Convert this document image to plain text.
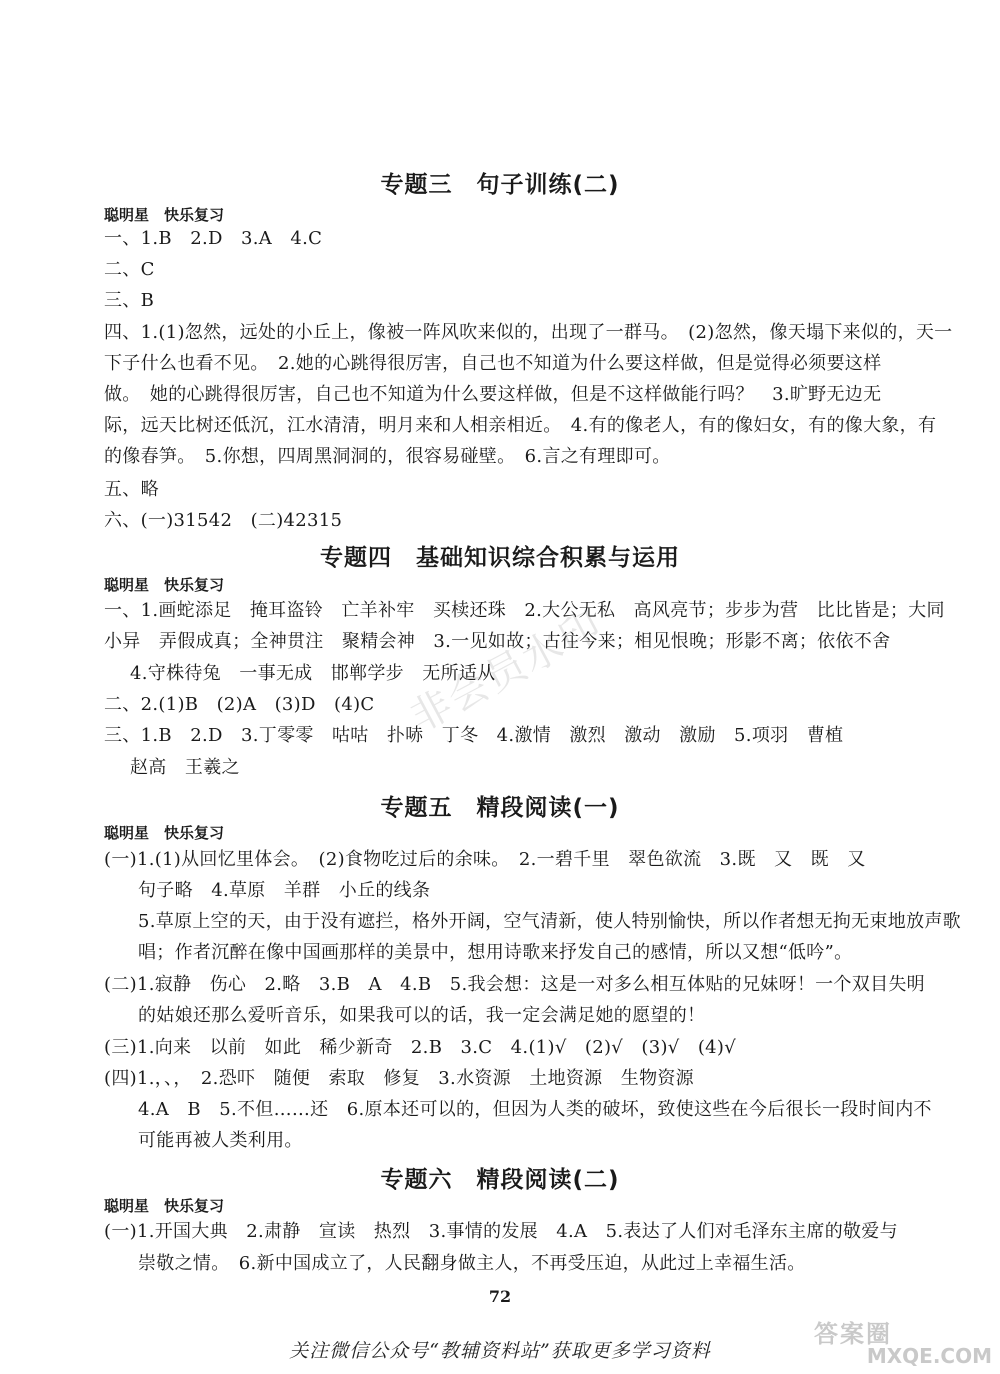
专题三　句子训练(二)
聪明星　快乐复习
一、1.B　2.D　3.A　4.C
二、C
三、B
四、1.(1)忽然，远处的小丘上，像被一阵风吹来似的，出现了一群马。　(2)忽然，像天塌下来似的，天一
下子什么也看不见。　2.她的心跳得很厉害，自己也不知道为什么要这样做，但是觉得必须要这样
做。　她的心跳得很厉害，自己也不知道为什么要这样做，但是不这样做能行吗？　3.旷野无边无
际，远天比树还低沉，江水清清，明月来和人相亲相近。　4.有的像老人，有的像妇女，有的像大象，有
的像春笋。　5.你想，四周黑洞洞的，很容易碰壁。　6.言之有理即可。
五、略
六、(一)31542　(二)42315
专题四　基础知识综合积累与运用
聪明星　快乐复习
一、1.画蛇添足　掩耳盗铃　亡羊补牢　买椟还珠　2.大公无私　高风亮节；步步为营　比比皆是；大同
小异　弄假成真；全神贯注　聚精会神　3.一见如故；古往今来；相见恨晚；形影不离；依依不舍
4.守株待兔　一事无成　邯郸学步　无所适从
二、2.(1)B　(2)A　(3)D　(4)C
三、1.B　2.D　3.丁零零　咕咕　扑哧　丁冬　4.激情　激烈　激动　激励　5.项羽　曹植
赵高　王羲之
专题五　精段阅读(一)
聪明星　快乐复习
(一)1.(1)从回忆里体会。　(2)食物吃过后的余味。　2.一碧千里　翠色欲流　3.既　又　既　又
句子略　4.草原　羊群　小丘的线条
5.草原上空的天，由于没有遮拦，格外开阔，空气清新，使人特别愉快，所以作者想无拘无束地放声歌
唱；作者沉醉在像中国画那样的美景中，想用诗歌来抒发自己的感情，所以又想“低吟”。
(二)1.寂静　伤心　2.略　3.B　A　4.B　5.我会想：这是一对多么相互体贴的兄妹呀！一个双目失明
的姑娘还那么爱听音乐，如果我可以的话，我一定会满足她的愿望的！
(三)1.向来　以前　如此　稀少新奇　2.B　3.C　4.(1)√　(2)√　(3)√　(4)√
(四)1.，、，　2.恐吓　随便　索取　修复　3.水资源　土地资源　生物资源
4.A　B　5.不但……还　6.原本还可以的，但因为人类的破坏，致使这些在今后很长一段时间内不
可能再被人类利用。
专题六　精段阅读(二)
聪明星　快乐复习
(一)1.开国大典　2.肃静　宣读　热烈　3.事情的发展　4.A　5.表达了人们对毛泽东主席的敬爱与
崇敬之情。　6.新中国成立了，人民翻身做主人，不再受压迫，从此过上幸福生活。
72
关注微信公众号“教辅资料站”获取更多学习资料
非会员水印
答案圈
MXQE.COM
